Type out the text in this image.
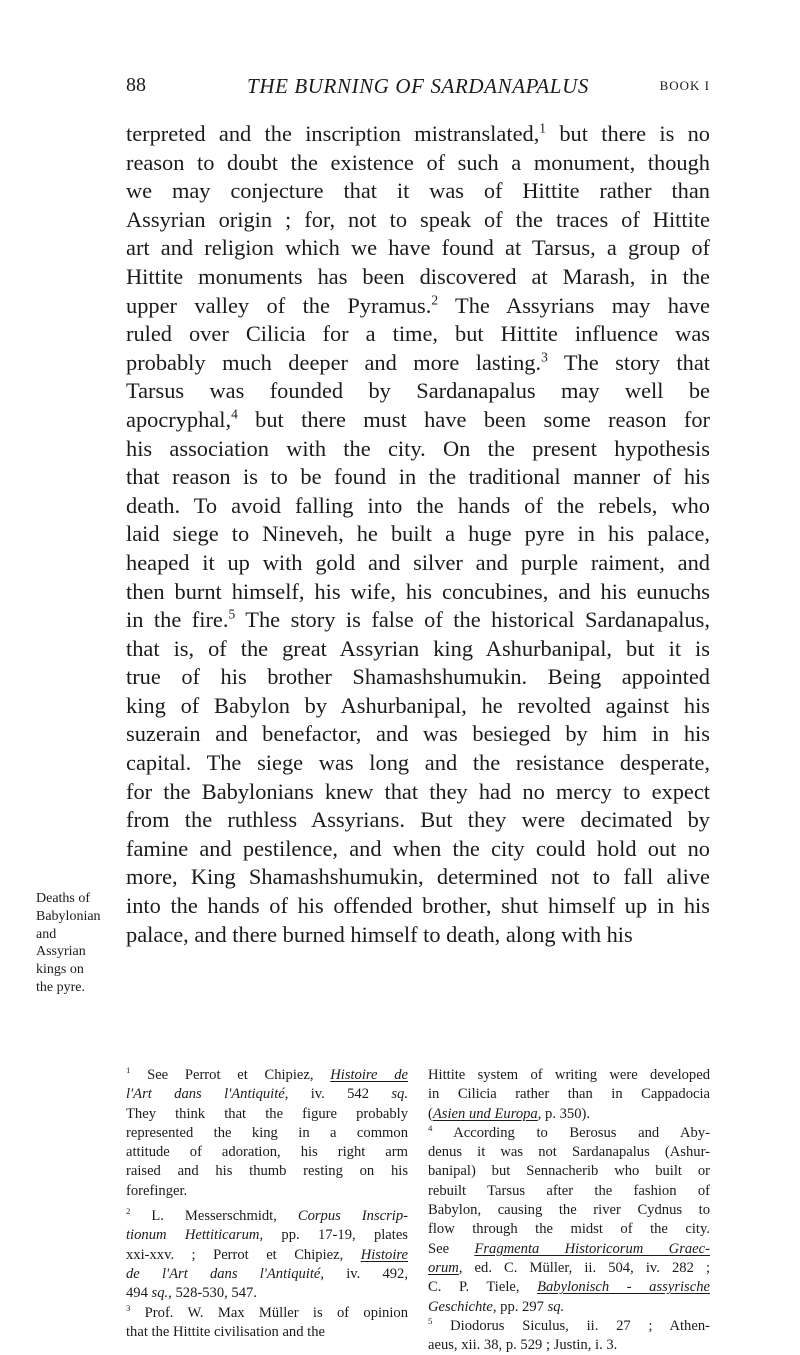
88	THE BURNING OF SARDANAPALUS	BOOK I
Deaths of
Babylonian
and
Assyrian
kings on
the pyre.
terpreted and the inscription mistranslated,$^1$ but there is no
reason to doubt the existence of such a monument, though
we may conjecture that it was of Hittite rather than
Assyrian origin ; for, not to speak of the traces of Hittite
art and religion which we have found at Tarsus, a group of
Hittite monuments has been discovered at Marash, in the
upper valley of the Pyramus.$^2$ The Assyrians may have
ruled over Cilicia for a time, but Hittite influence was
probably much deeper and more lasting.$^3$ The story that
Tarsus was founded by Sardanapalus may well be
apocryphal,$^4$ but there must have been some reason for
his association with the city. On the present hypothesis
that reason is to be found in the traditional manner of his
death. To avoid falling into the hands of the rebels, who
laid siege to Nineveh, he built a huge pyre in his palace,
heaped it up with gold and silver and purple raiment, and
then burnt himself, his wife, his concubines, and his eunuchs
in the fire.$^5$ The story is false of the historical Sardanapalus,
that is, of the great Assyrian king Ashurbanipal, but it is
true of his brother Shamashshumukin. Being appointed
king of Babylon by Ashurbanipal, he revolted against his
suzerain and benefactor, and was besieged by him in his
capital. The siege was long and the resistance desperate,
for the Babylonians knew that they had no mercy to expect
from the ruthless Assyrians. But they were decimated by
famine and pestilence, and when the city could hold out no
more, King Shamashshumukin, determined not to fall alive
into the hands of his offended brother, shut himself up in his
palace, and there burned himself to death, along with his
$^1$ See Perrot et Chipiez, Histoire de
l'Art dans l'Antiquité, iv. 542 sq.
They think that the figure probably
represented the king in a common
attitude of adoration, his right arm
raised and his thumb resting on his
forefinger.
$^2$ L. Messerschmidt, Corpus Inscrip-
tionum Hettiticarum, pp. 17-19, plates
xxi-xxv. ; Perrot et Chipiez, Histoire
de l'Art dans l'Antiquité, iv. 492,
494 sq., 528-530, 547.
$^3$ Prof. W. Max Müller is of opinion
that the Hittite civilisation and the
Hittite system of writing were developed
in Cilicia rather than in Cappadocia
(Asien und Europa, p. 350).
$^4$ According to Berosus and Aby-
denus it was not Sardanapalus (Ashur-
banipal) but Sennacherib who built or
rebuilt Tarsus after the fashion of
Babylon, causing the river Cydnus to
flow through the midst of the city.
See Fragmenta Historicorum Graec-
orum, ed. C. Müller, ii. 504, iv. 282 ;
C. P. Tiele, Babylonisch - assyrische
Geschichte, pp. 297 sq.
$^5$ Diodorus Siculus, ii. 27 ; Athen-
aeus, xii. 38, p. 529 ; Justin, i. 3.
